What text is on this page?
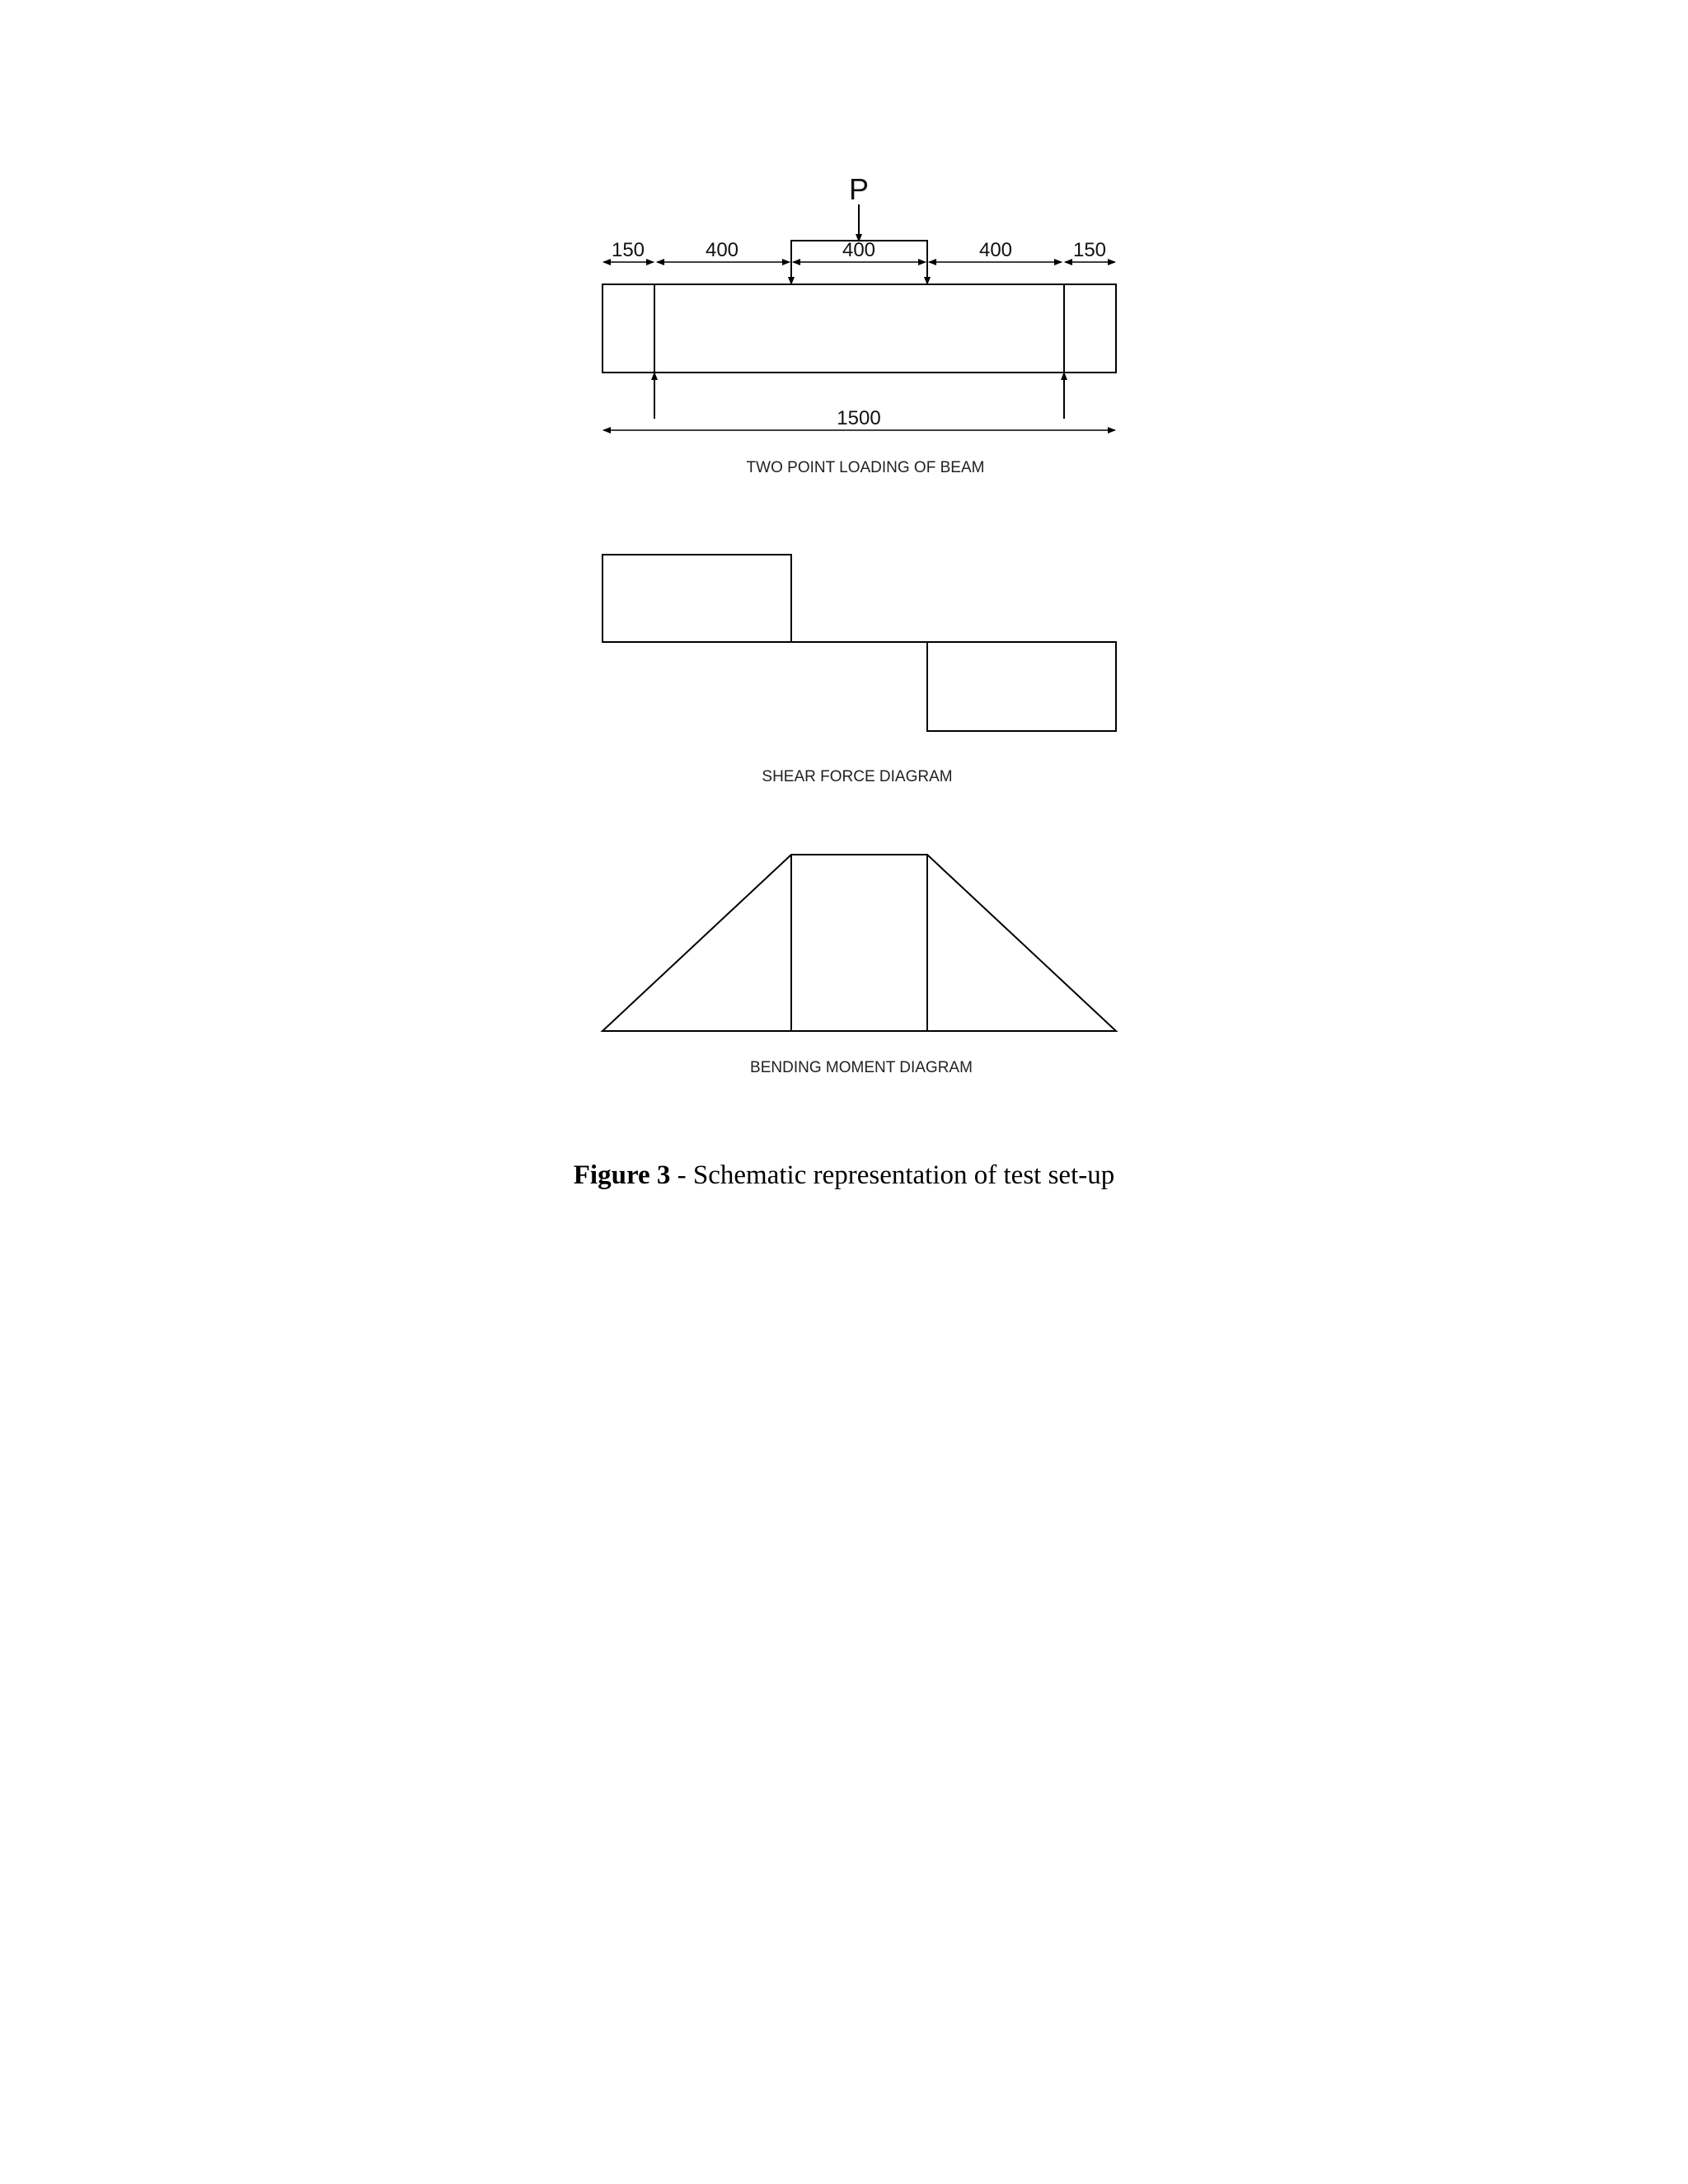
P
150	400	400	400	150
1500
TWO POINT LOADING OF BEAM
SHEAR FORCE DIAGRAM
BENDING MOMENT DIAGRAM
Figure 3 - Schematic representation of test set-up
